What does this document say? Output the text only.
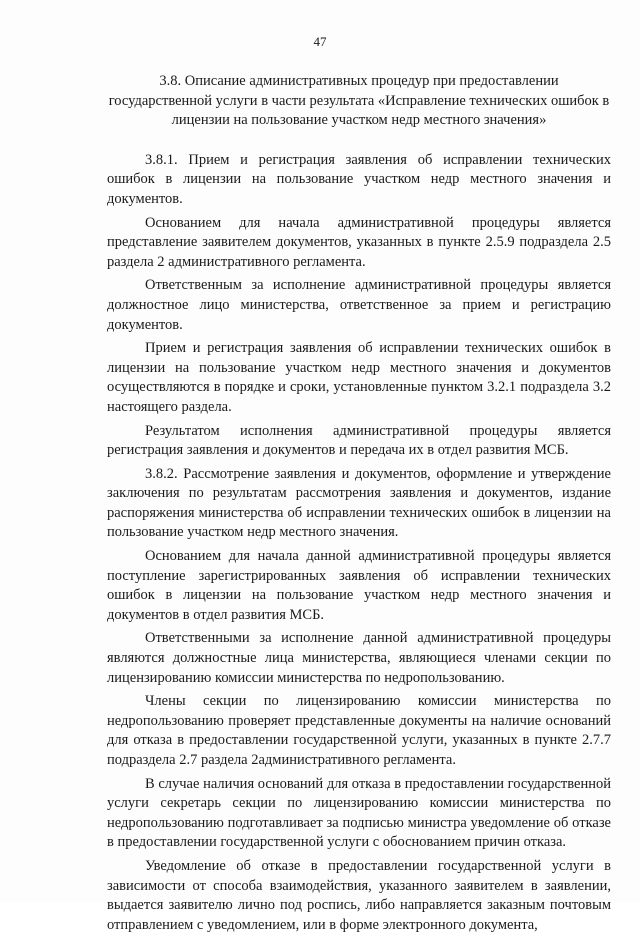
47
3.8. Описание административных процедур при предоставлении государственной услуги в части результата «Исправление технических ошибок в лицензии на пользование участком недр местного значения»

3.8.1. Прием и регистрация заявления об исправлении технических ошибок в лицензии на пользование участком недр местного значения и документов.

Основанием для начала административной процедуры является представление заявителем документов, указанных в пункте 2.5.9 подраздела 2.5 раздела 2 административного регламента.

Ответственным за исполнение административной процедуры является должностное лицо министерства, ответственное за прием и регистрацию документов.

Прием и регистрация заявления об исправлении технических ошибок в лицензии на пользование участком недр местного значения и документов осуществляются в порядке и сроки, установленные пунктом 3.2.1 подраздела 3.2 настоящего раздела.

Результатом исполнения административной процедуры является регистрация заявления и документов и передача их в отдел развития МСБ.

3.8.2. Рассмотрение заявления и документов, оформление и утверждение заключения по результатам рассмотрения заявления и документов, издание распоряжения министерства об исправлении технических ошибок в лицензии на пользование участком недр местного значения.

Основанием для начала данной административной процедуры является поступление зарегистрированных заявления об исправлении технических ошибок в лицензии на пользование участком недр местного значения и документов в отдел развития МСБ.

Ответственными за исполнение данной административной процедуры являются должностные лица министерства, являющиеся членами секции по лицензированию комиссии министерства по недропользованию.

Члены секции по лицензированию комиссии министерства по недропользованию проверяет представленные документы на наличие оснований для отказа в предоставлении государственной услуги, указанных в пункте 2.7.7 подраздела 2.7 раздела 2административного регламента.

В случае наличия оснований для отказа в предоставлении государственной услуги секретарь секции по лицензированию комиссии министерства по недропользованию подготавливает за подписью министра уведомление об отказе в предоставлении государственной услуги с обоснованием причин отказа.

Уведомление об отказе в предоставлении государственной услуги в зависимости от способа взаимодействия, указанного заявителем в заявлении, выдается заявителю лично под роспись, либо направляется заказным почтовым отправлением с уведомлением, или в форме электронного документа,
